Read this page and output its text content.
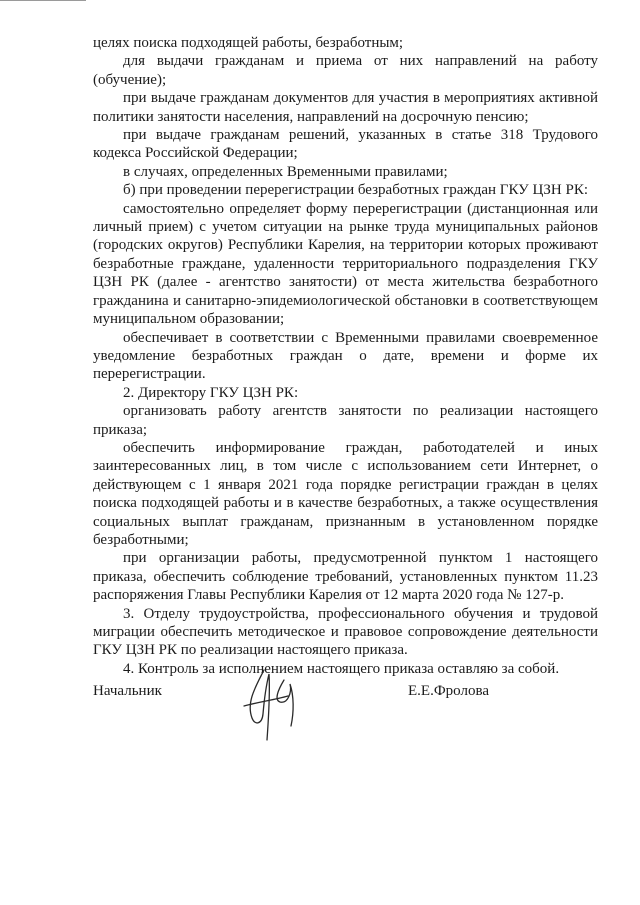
целях поиска подходящей работы, безработным;

для выдачи гражданам и приема от них направлений на работу (обучение);

при выдаче гражданам документов для участия в мероприятиях активной политики занятости населения, направлений на досрочную пенсию;

при выдаче гражданам решений, указанных в статье 318 Трудового кодекса Российской Федерации;

в случаях, определенных Временными правилами;

б) при проведении перерегистрации безработных граждан ГКУ ЦЗН РК:

самостоятельно определяет форму перерегистрации (дистанционная или личный прием) с учетом ситуации на рынке труда муниципальных районов (городских округов) Республики Карелия, на территории которых проживают безработные граждане, удаленности территориального подразделения ГКУ ЦЗН РК (далее - агентство занятости) от места жительства безработного гражданина и санитарно-эпидемиологической обстановки в соответствующем муниципальном образовании;

обеспечивает в соответствии с Временными правилами своевременное уведомление безработных граждан о дате, времени и форме их перерегистрации.

2. Директору ГКУ ЦЗН РК:

организовать работу агентств занятости по реализации настоящего приказа;

обеспечить информирование граждан, работодателей и иных заинтересованных лиц, в том числе с использованием сети Интернет, о действующем с 1 января 2021 года порядке регистрации граждан в целях поиска подходящей работы и в качестве безработных, а также осуществления социальных выплат гражданам, признанным в установленном порядке безработными;

при организации работы, предусмотренной пунктом 1 настоящего приказа, обеспечить соблюдение требований, установленных пунктом 11.23 распоряжения Главы Республики Карелия от 12 марта 2020 года № 127-р.

3. Отделу трудоустройства, профессионального обучения и трудовой миграции обеспечить методическое и правовое сопровождение деятельности ГКУ ЦЗН РК по реализации настоящего приказа.

4. Контроль за исполнением настоящего приказа оставляю за собой.

Начальник	Е.Е.Фролова
